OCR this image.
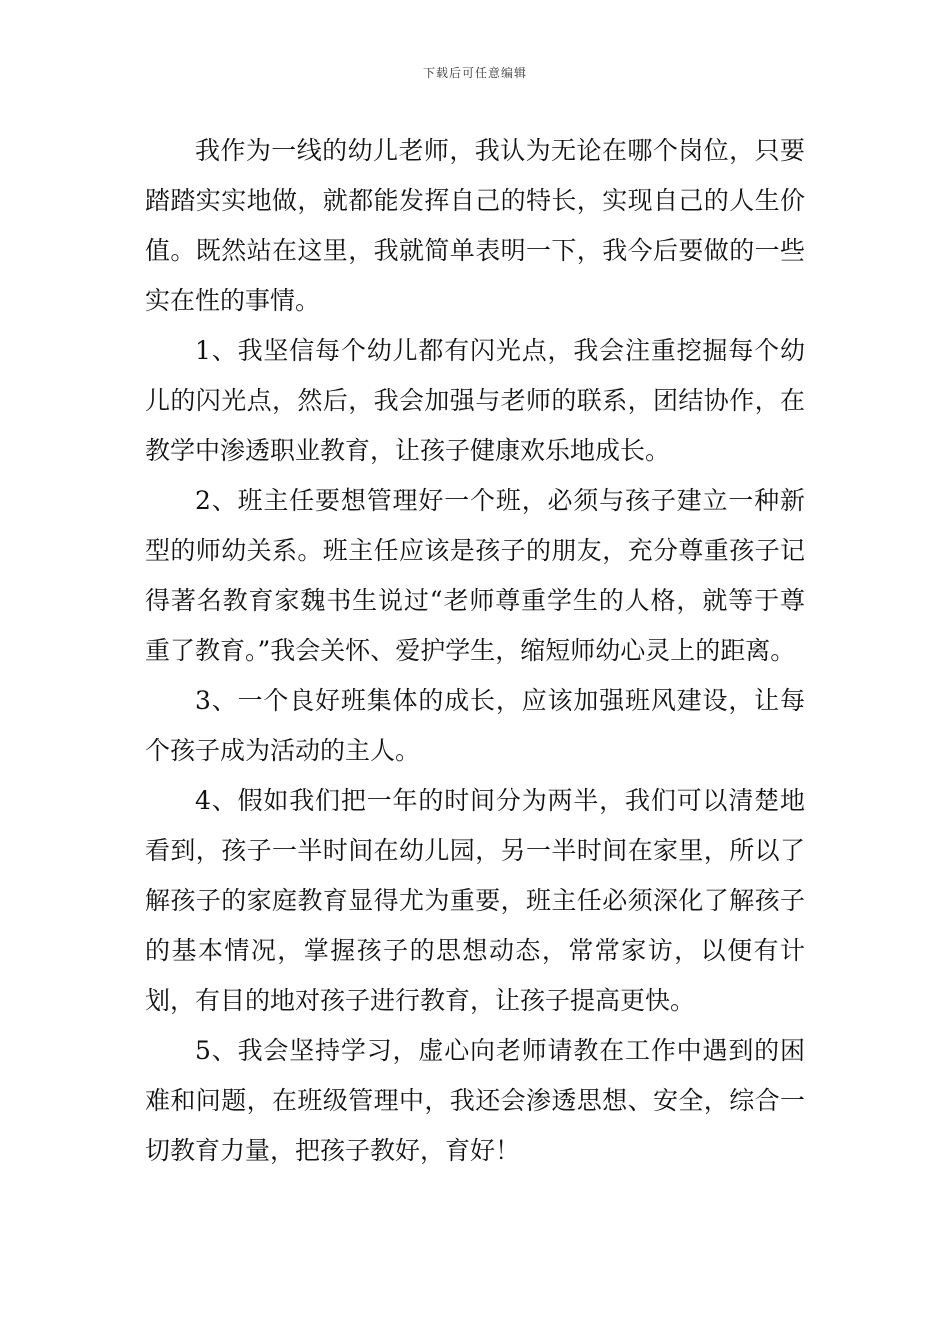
下载后可任意编辑

我作为一线的幼儿老师，我认为无论在哪个岗位，只要踏踏实实地做，就都能发挥自己的特长，实现自己的人生价值。既然站在这里，我就简单表明一下，我今后要做的一些实在性的事情。

1、我坚信每个幼儿都有闪光点，我会注重挖掘每个幼儿的闪光点，然后，我会加强与老师的联系，团结协作，在教学中渗透职业教育，让孩子健康欢乐地成长。

2、班主任要想管理好一个班，必须与孩子建立一种新型的师幼关系。班主任应该是孩子的朋友，充分尊重孩子记得著名教育家魏书生说过“老师尊重学生的人格，就等于尊重了教育。”我会关怀、爱护学生，缩短师幼心灵上的距离。

3、一个良好班集体的成长，应该加强班风建设，让每个孩子成为活动的主人。

4、假如我们把一年的时间分为两半，我们可以清楚地看到，孩子一半时间在幼儿园，另一半时间在家里，所以了解孩子的家庭教育显得尤为重要，班主任必须深化了解孩子的基本情况，掌握孩子的思想动态，常常家访，以便有计划，有目的地对孩子进行教育，让孩子提高更快。

5、我会坚持学习，虚心向老师请教在工作中遇到的困难和问题，在班级管理中，我还会渗透思想、安全，综合一切教育力量，把孩子教好，育好！
